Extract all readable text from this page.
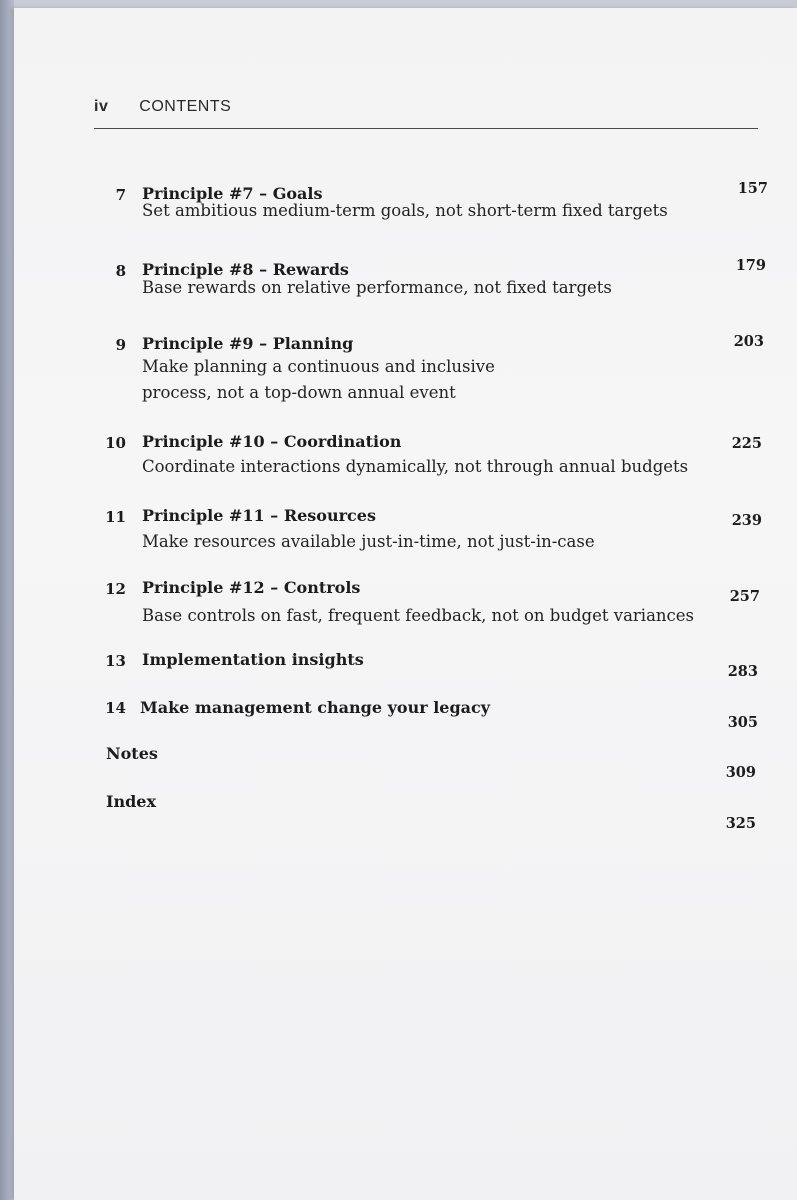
iv CONTENTS
7 Principle #7 – Goals
Set ambitious medium-term goals, not short-term fixed targets
157
8 Principle #8 – Rewards
Base rewards on relative performance, not fixed targets
179
9 Principle #9 – Planning
Make planning a continuous and inclusive
process, not a top-down annual event
203
10 Principle #10 – Coordination
Coordinate interactions dynamically, not through annual budgets
225
11 Principle #11 – Resources
Make resources available just-in-time, not just-in-case
239
12 Principle #12 – Controls
Base controls on fast, frequent feedback, not on budget variances
257
13 Implementation insights
283
14 Make management change your legacy
305
Notes
309
Index
325
